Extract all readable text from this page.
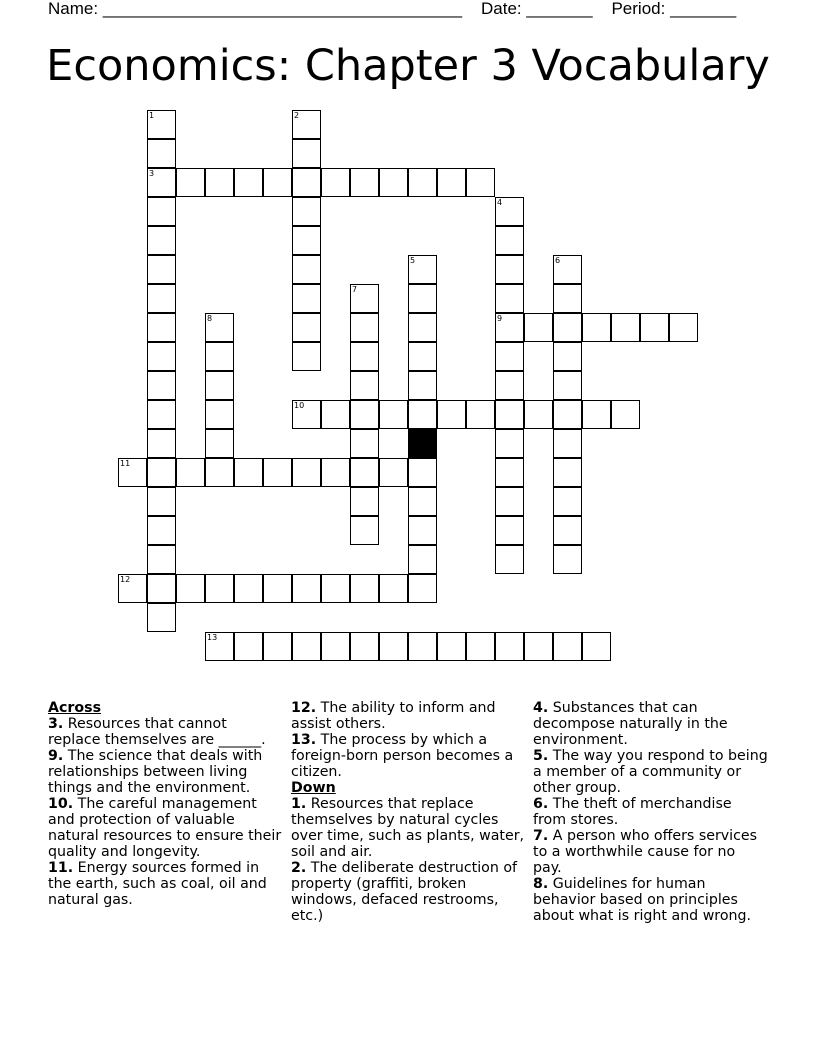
Name: ______________________________________ Date: _______ Period: _______
Economics: Chapter 3 Vocabulary
1
3
2
4
9
5	6
7
8
10
11
12
13

Across

3. Resources that cannot replace themselves are ______.

9. The science that deals with relationships between living things and the environment.

10. The careful management and protection of valuable natural resources to ensure their quality and longevity.

11. Energy sources formed in the earth, such as coal, oil and natural gas.

12. The ability to inform and assist others.

13. The process by which a foreign-born person becomes a citizen.

Down

1. Resources that replace themselves by natural cycles over time, such as plants, water, soil and air.

2. The deliberate destruction of property (graffiti, broken windows, defaced restrooms, etc.)

4. Substances that can decompose naturally in the environment.

5. The way you respond to being a member of a community or other group.

6. The theft of merchandise from stores.

7. A person who offers services to a worthwhile cause for no pay.

8. Guidelines for human behavior based on principles about what is right and wrong.
